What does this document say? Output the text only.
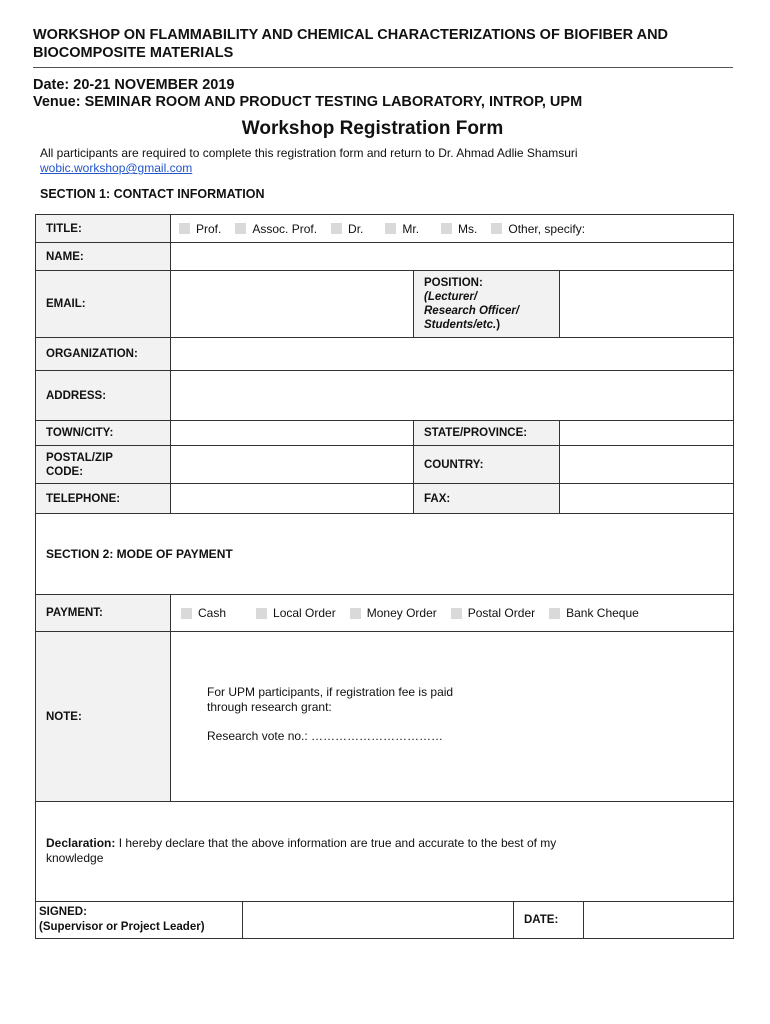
WORKSHOP ON FLAMMABILITY AND CHEMICAL CHARACTERIZATIONS OF BIOFIBER AND
BIOCOMPOSITE MATERIALS
Date: 20-21 NOVEMBER 2019
Venue: SEMINAR ROOM AND PRODUCT TESTING LABORATORY, INTROP, UPM
Workshop Registration Form
All participants are required to complete this registration form and return to Dr. Ahmad Adlie Shamsuri
wobic.workshop@gmail.com
SECTION 1: CONTACT INFORMATION
TITLE:	Prof.	Assoc. Prof.	Dr.	Mr.	Ms.	Other, specify:
NAME:
EMAIL:
POSITION:
(Lecturer/
Research Officer/
Students/etc.)
ORGANIZATION:
ADDRESS:
TOWN/CITY:	STATE/PROVINCE:
POSTAL/ZIP
CODE:
COUNTRY:
TELEPHONE:	FAX:
SECTION 2: MODE OF PAYMENT
PAYMENT:	Cash	Local Order	Money Order	Postal Order	Bank Cheque
NOTE:
For UPM participants, if registration fee is paid
through research grant:
Research vote no.: ……………………………
Declaration: I hereby declare that the above information are true and accurate to the best of my
knowledge
SIGNED:
(Supervisor or Project Leader)
DATE:
